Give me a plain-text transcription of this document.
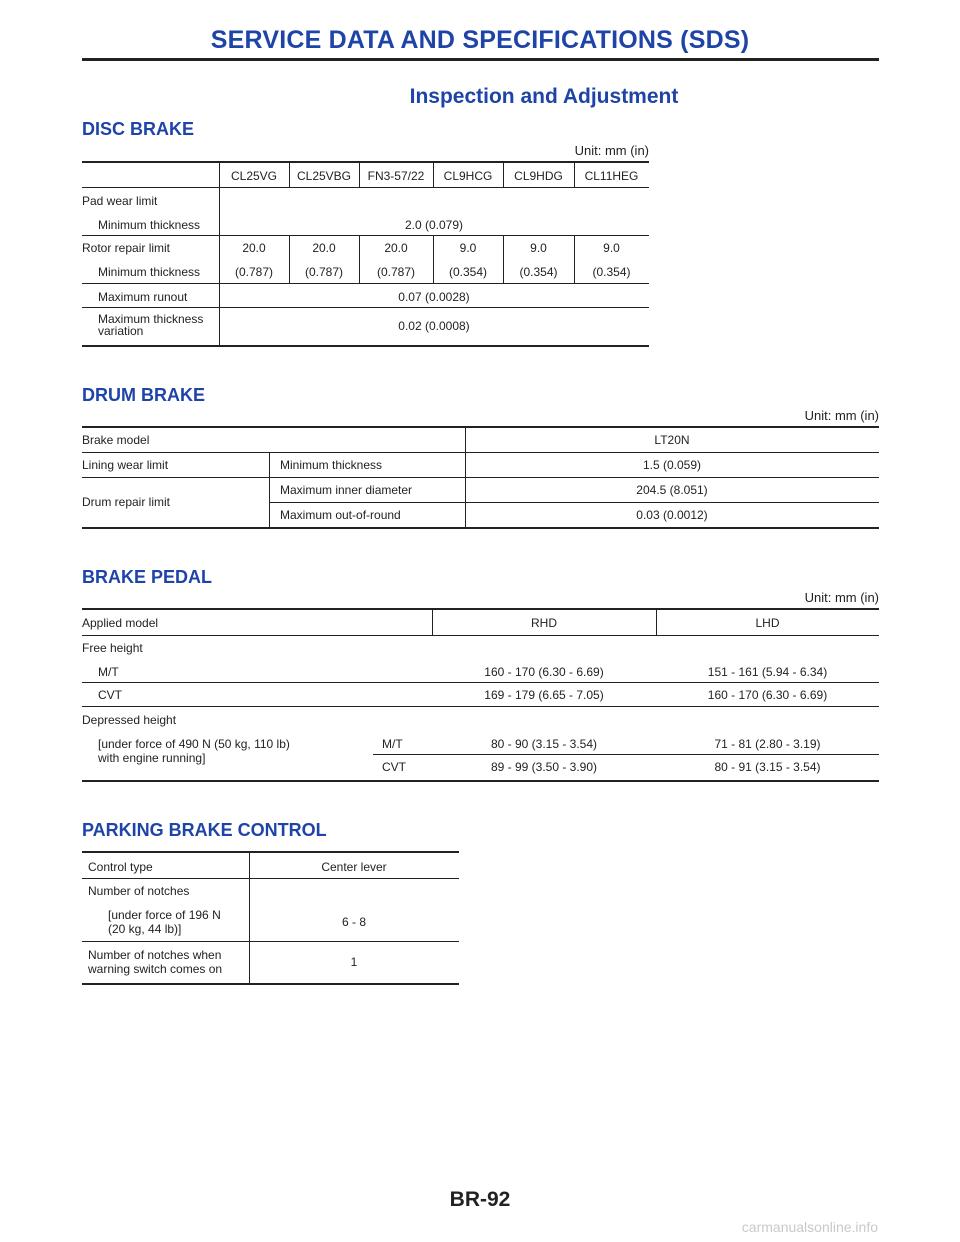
SERVICE DATA AND SPECIFICATIONS (SDS)
Inspection and Adjustment
DISC BRAKE
Unit: mm (in)
CL25VG	CL25VBG	FN3-57/22	CL9HCG	CL9HDG	CL11HEG
Pad wear limit
Minimum thickness	2.0 (0.079)
Rotor repair limit
Minimum thickness
20.0	20.0	20.0	9.0	9.0	9.0
(0.787)	(0.787)	(0.787)	(0.354)	(0.354)	(0.354)
Maximum runout	0.07 (0.0028)
Maximum thickness
variation	0.02 (0.0008)
DRUM BRAKE
Unit: mm (in)
Brake model	LT20N
Lining wear limit	Minimum thickness	1.5 (0.059)
Drum repair limit
Maximum inner diameter	204.5 (8.051)
Maximum out-of-round	0.03 (0.0012)
BRAKE PEDAL
Unit: mm (in)
Applied model	RHD	LHD
Free height
M/T	160 - 170 (6.30 - 6.69)	151 - 161 (5.94 - 6.34)
CVT	169 - 179 (6.65 - 7.05)	160 - 170 (6.30 - 6.69)
Depressed height
[under force of 490 N (50 kg, 110 lb)
with engine running]
M/T	80 - 90 (3.15 - 3.54)	71 - 81 (2.80 - 3.19)
CVT	89 - 99 (3.50 - 3.90)	80 - 91 (3.15 - 3.54)
PARKING BRAKE CONTROL
Control type	Center lever
Number of notches
[under force of 196 N
(20 kg, 44 lb)]	6 - 8
Number of notches when
warning switch comes on	1
BR-92
carmanualsonline.info
